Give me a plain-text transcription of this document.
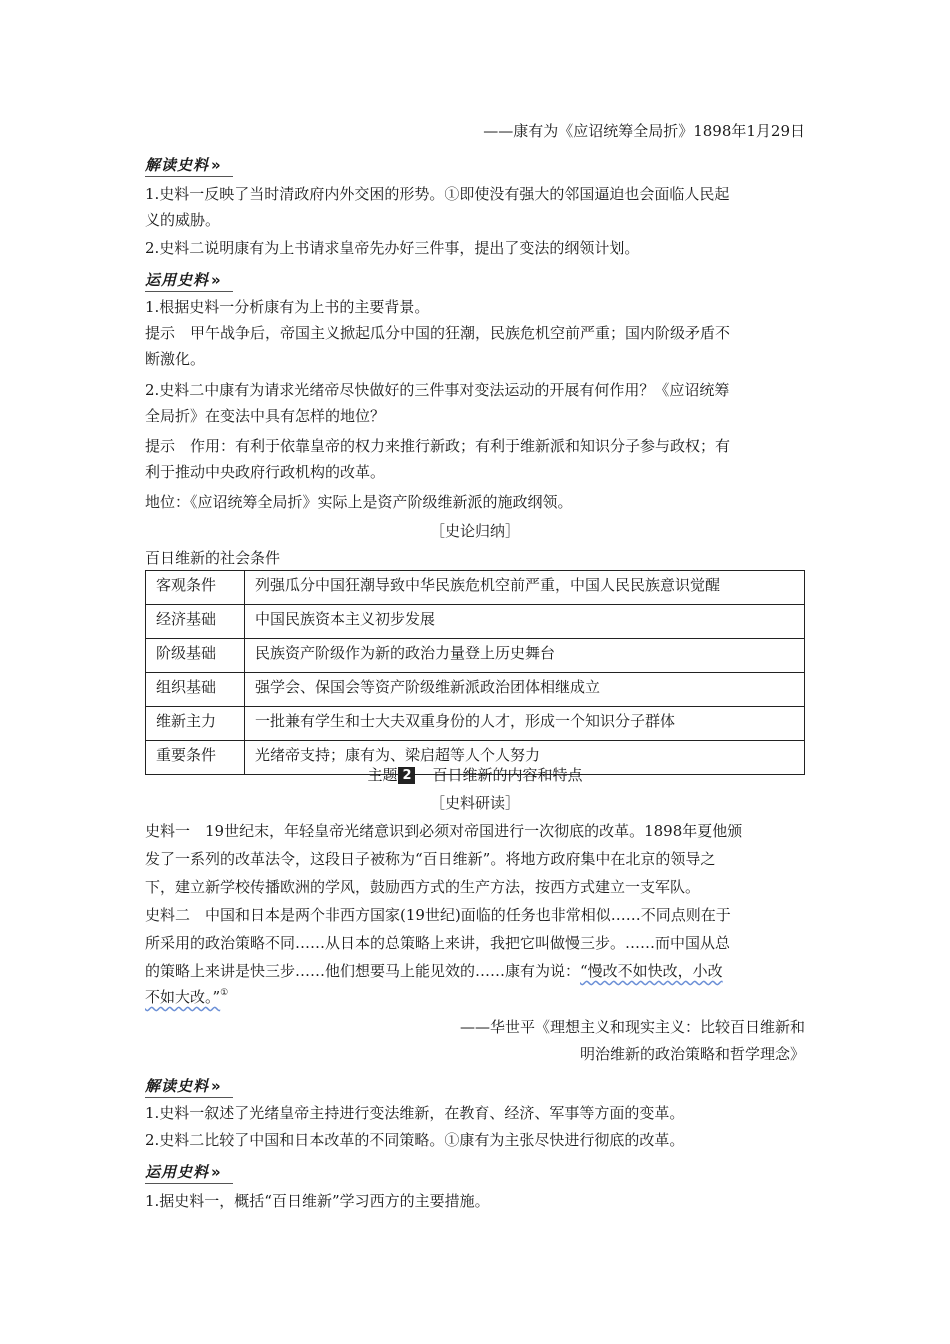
——康有为《应诏统筹全局折》1898年1月29日
解读史料 »
1.史料一反映了当时清政府内外交困的形势。①即使没有强大的邻国逼迫也会面临人民起
义的威胁。
2.史料二说明康有为上书请求皇帝先办好三件事，提出了变法的纲领计划。
运用史料 »
1.根据史料一分析康有为上书的主要背景。
提示　甲午战争后，帝国主义掀起瓜分中国的狂潮，民族危机空前严重；国内阶级矛盾不
断激化。
2.史料二中康有为请求光绪帝尽快做好的三件事对变法运动的开展有何作用？《应诏统筹
全局折》在变法中具有怎样的地位？
提示　作用：有利于依靠皇帝的权力来推行新政；有利于维新派和知识分子参与政权；有
利于推动中央政府行政机构的改革。
地位：《应诏统筹全局折》实际上是资产阶级维新派的施政纲领。
［史论归纳］
百日维新的社会条件
客观条件	列强瓜分中国狂潮导致中华民族危机空前严重，中国人民民族意识觉醒
经济基础	中国民族资本主义初步发展
阶级基础	民族资产阶级作为新的政治力量登上历史舞台
组织基础	强学会、保国会等资产阶级维新派政治团体相继成立
维新主力	一批兼有学生和士大夫双重身份的人才，形成一个知识分子群体
重要条件	光绪帝支持；康有为、梁启超等人个人努力
主题 2　 百日维新的内容和特点
［史料研读］
史料一　19世纪末，年轻皇帝光绪意识到必须对帝国进行一次彻底的改革。1898年夏他颁
发了一系列的改革法令，这段日子被称为“百日维新”。将地方政府集中在北京的领导之
下，建立新学校传播欧洲的学风，鼓励西方式的生产方法，按西方式建立一支军队。
史料二　中国和日本是两个非西方国家(19世纪)面临的任务也非常相似……不同点则在于
所采用的政治策略不同……从日本的总策略上来讲，我把它叫做慢三步。……而中国从总
的策略上来讲是快三步……他们想要马上能见效的……康有为说：“慢改不如快改，小改
不如大改。”①
——华世平《理想主义和现实主义：比较百日维新和
明治维新的政治策略和哲学理念》
解读史料 »
1.史料一叙述了光绪皇帝主持进行变法维新，在教育、经济、军事等方面的变革。
2.史料二比较了中国和日本改革的不同策略。①康有为主张尽快进行彻底的改革。
运用史料 »
1.据史料一，概括“百日维新”学习西方的主要措施。
